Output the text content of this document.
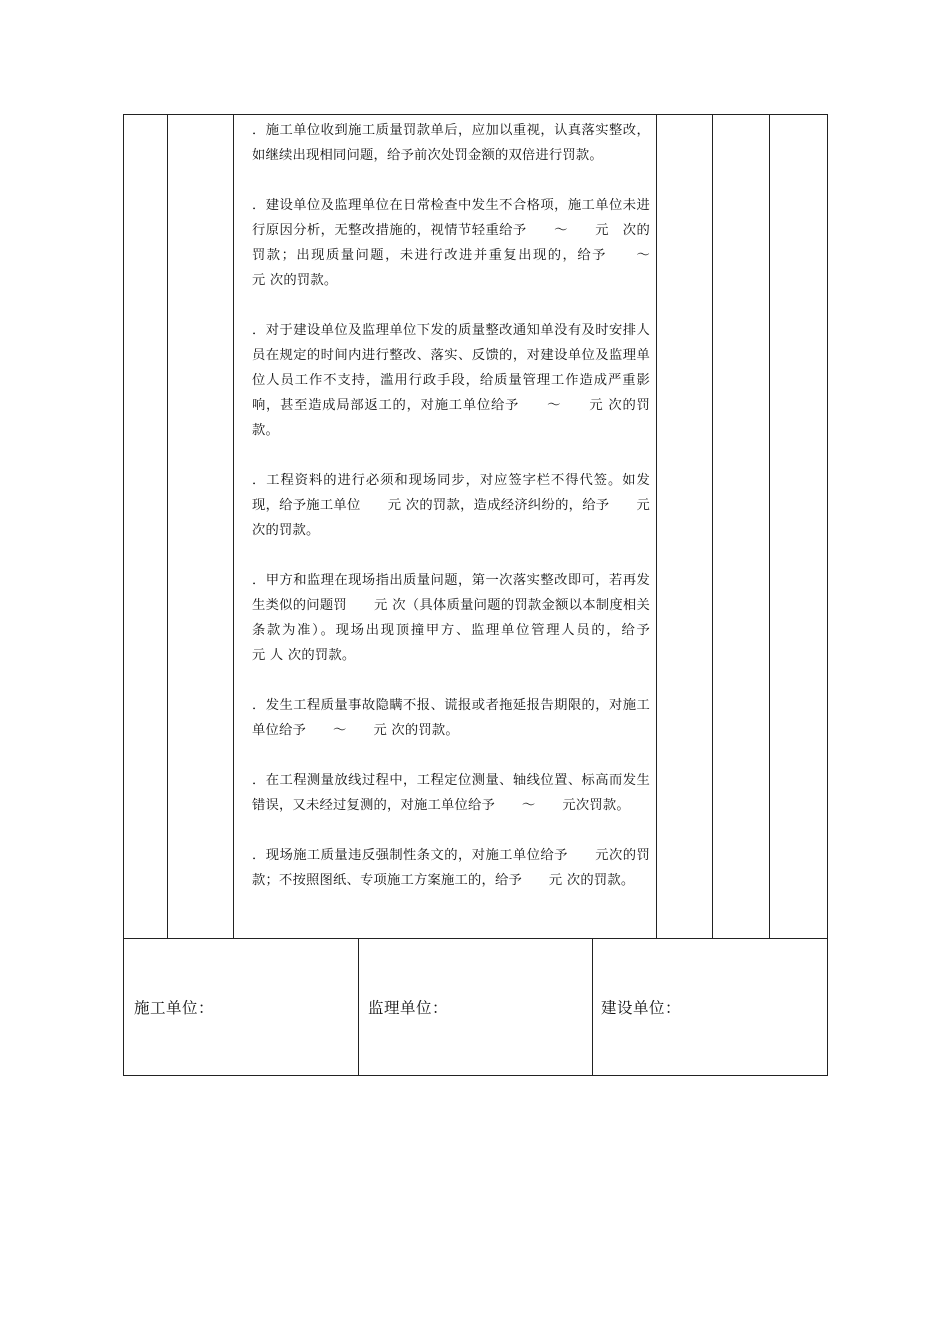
．施工单位收到施工质量罚款单后，应加以重视，认真落实整改，如继续出现相同问题，给予前次处罚金额的双倍进行罚款。

．建设单位及监理单位在日常检查中发生不合格项，施工单位未进行原因分析，无整改措施的，视情节轻重给予　　～　　元　次的罚款；出现质量问题，未进行改进并重复出现的，给予　　～　　元 次的罚款。

．对于建设单位及监理单位下发的质量整改通知单没有及时安排人员在规定的时间内进行整改、落实、反馈的，对建设单位及监理单位人员工作不支持，滥用行政手段，给质量管理工作造成严重影响，甚至造成局部返工的，对施工单位给予　　～　　元 次的罚款。

．工程资料的进行必须和现场同步，对应签字栏不得代签。如发现，给予施工单位　　元 次的罚款，造成经济纠纷的，给予　　元 次的罚款。

．甲方和监理在现场指出质量问题，第一次落实整改即可，若再发生类似的问题罚　　元 次（具体质量问题的罚款金额以本制度相关条款为准）。现场出现顶撞甲方、监理单位管理人员的，给予　　元 人 次的罚款。

．发生工程质量事故隐瞒不报、谎报或者拖延报告期限的，对施工单位给予　　～　　元 次的罚款。

．在工程测量放线过程中，工程定位测量、轴线位置、标高而发生错误，又未经过复测的，对施工单位给予　　～　　元次罚款。

．现场施工质量违反强制性条文的，对施工单位给予　　元次的罚款；不按照图纸、专项施工方案施工的，给予　　元 次的罚款。

施工单位：	监理单位：	建设单位：
